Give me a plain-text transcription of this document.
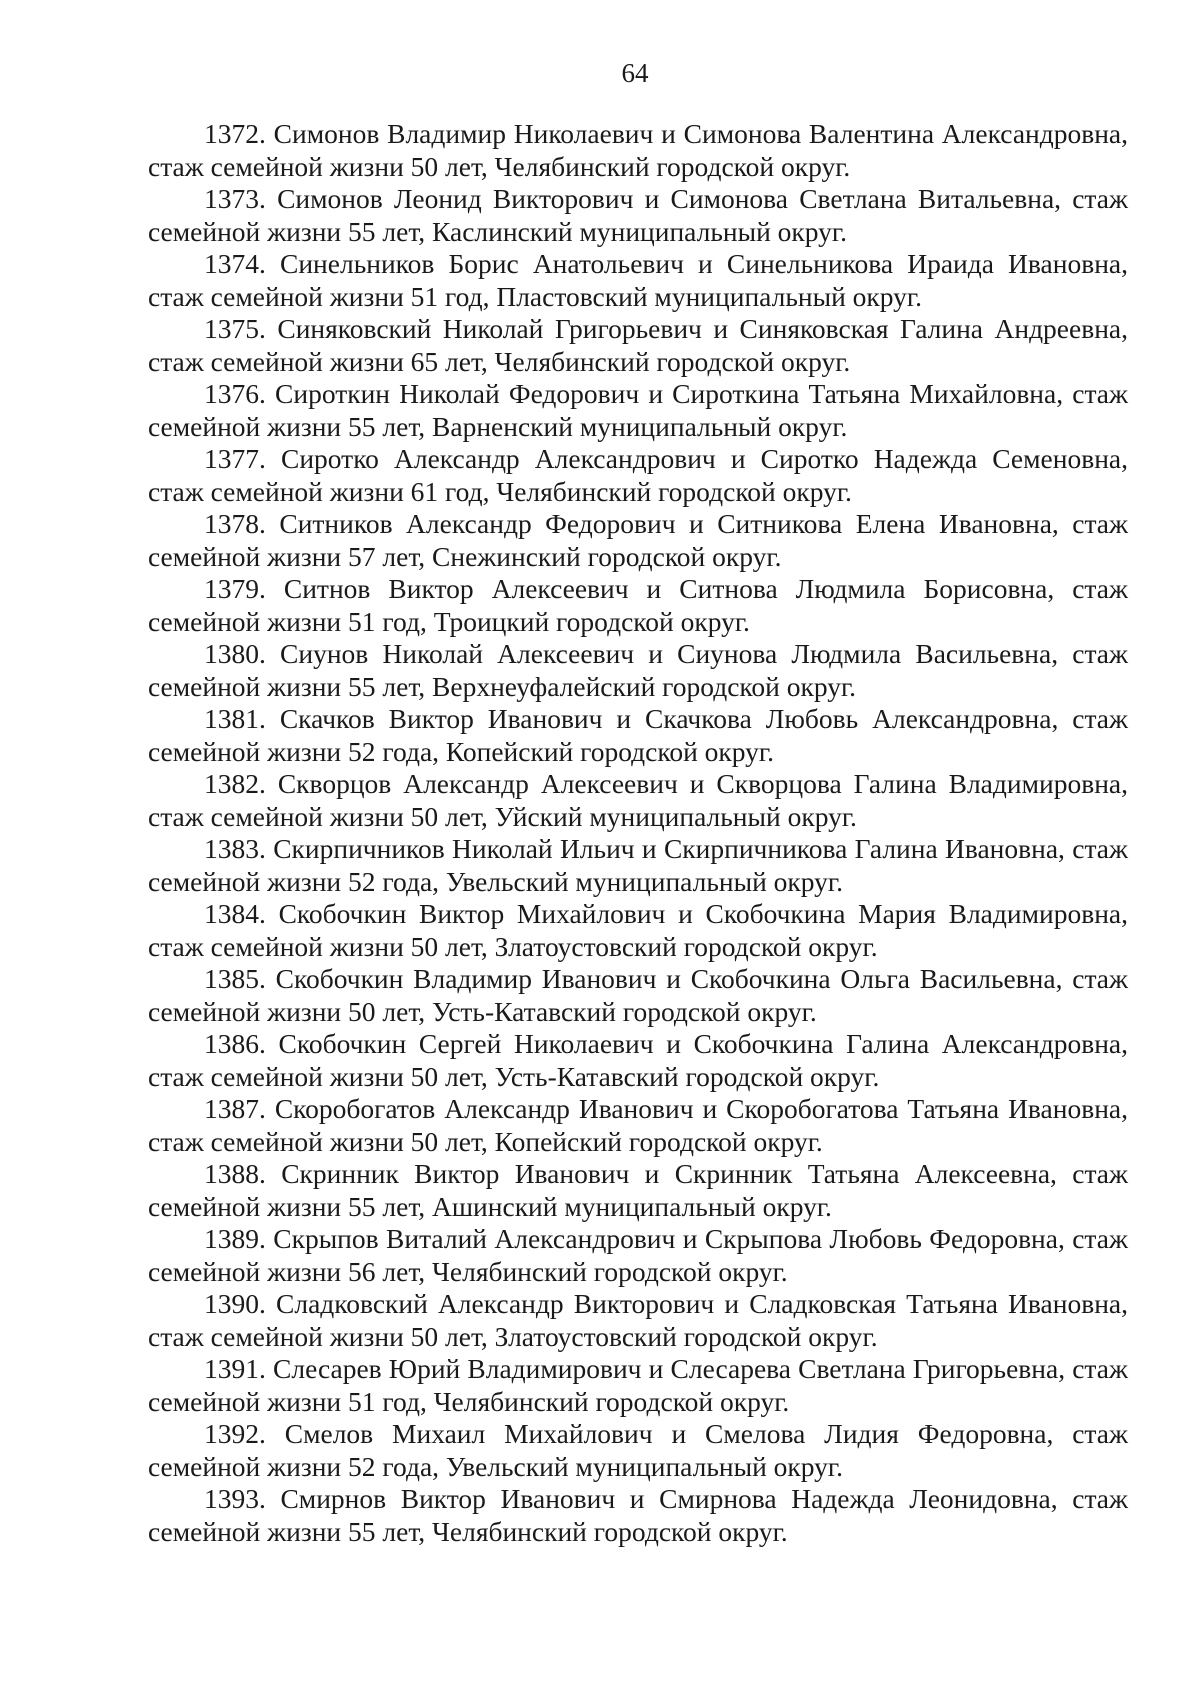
64

1372. Симонов Владимир Николаевич и Симонова Валентина Александровна, стаж семейной жизни 50 лет, Челябинский городской округ.

1373. Симонов Леонид Викторович и Симонова Светлана Витальевна, стаж семейной жизни 55 лет, Каслинский муниципальный округ.

1374. Синельников Борис Анатольевич и Синельникова Ираида Ивановна, стаж семейной жизни 51 год, Пластовский муниципальный округ.

1375. Синяковский Николай Григорьевич и Синяковская Галина Андреевна, стаж семейной жизни 65 лет, Челябинский городской округ.

1376. Сироткин Николай Федорович и Сироткина Татьяна Михайловна, стаж семейной жизни 55 лет, Варненский муниципальный округ.

1377. Сиротко Александр Александрович и Сиротко Надежда Семеновна, стаж семейной жизни 61 год, Челябинский городской округ.

1378. Ситников Александр Федорович и Ситникова Елена Ивановна, стаж семейной жизни 57 лет, Снежинский городской округ.

1379. Ситнов Виктор Алексеевич и Ситнова Людмила Борисовна, стаж семейной жизни 51 год, Троицкий городской округ.

1380. Сиунов Николай Алексеевич и Сиунова Людмила Васильевна, стаж семейной жизни 55 лет, Верхнеуфалейский городской округ.

1381. Скачков Виктор Иванович и Скачкова Любовь Александровна, стаж семейной жизни 52 года, Копейский городской округ.

1382. Скворцов Александр Алексеевич и Скворцова Галина Владимировна, стаж семейной жизни 50 лет, Уйский муниципальный округ.

1383. Скирпичников Николай Ильич и Скирпичникова Галина Ивановна, стаж семейной жизни 52 года, Увельский муниципальный округ.

1384. Скобочкин Виктор Михайлович и Скобочкина Мария Владимировна, стаж семейной жизни 50 лет, Златоустовский городской округ.

1385. Скобочкин Владимир Иванович и Скобочкина Ольга Васильевна, стаж семейной жизни 50 лет, Усть-Катавский городской округ.

1386. Скобочкин Сергей Николаевич и Скобочкина Галина Александровна, стаж семейной жизни 50 лет, Усть-Катавский городской округ.

1387. Скоробогатов Александр Иванович и Скоробогатова Татьяна Ивановна, стаж семейной жизни 50 лет, Копейский городской округ.

1388. Скринник Виктор Иванович и Скринник Татьяна Алексеевна, стаж семейной жизни 55 лет, Ашинский муниципальный округ.

1389. Скрыпов Виталий Александрович и Скрыпова Любовь Федоровна, стаж семейной жизни 56 лет, Челябинский городской округ.

1390. Сладковский Александр Викторович и Сладковская Татьяна Ивановна, стаж семейной жизни 50 лет, Златоустовский городской округ.

1391. Слесарев Юрий Владимирович и Слесарева Светлана Григорьевна, стаж семейной жизни 51 год, Челябинский городской округ.

1392. Смелов Михаил Михайлович и Смелова Лидия Федоровна, стаж семейной жизни 52 года, Увельский муниципальный округ.

1393. Смирнов Виктор Иванович и Смирнова Надежда Леонидовна, стаж семейной жизни 55 лет, Челябинский городской округ.
